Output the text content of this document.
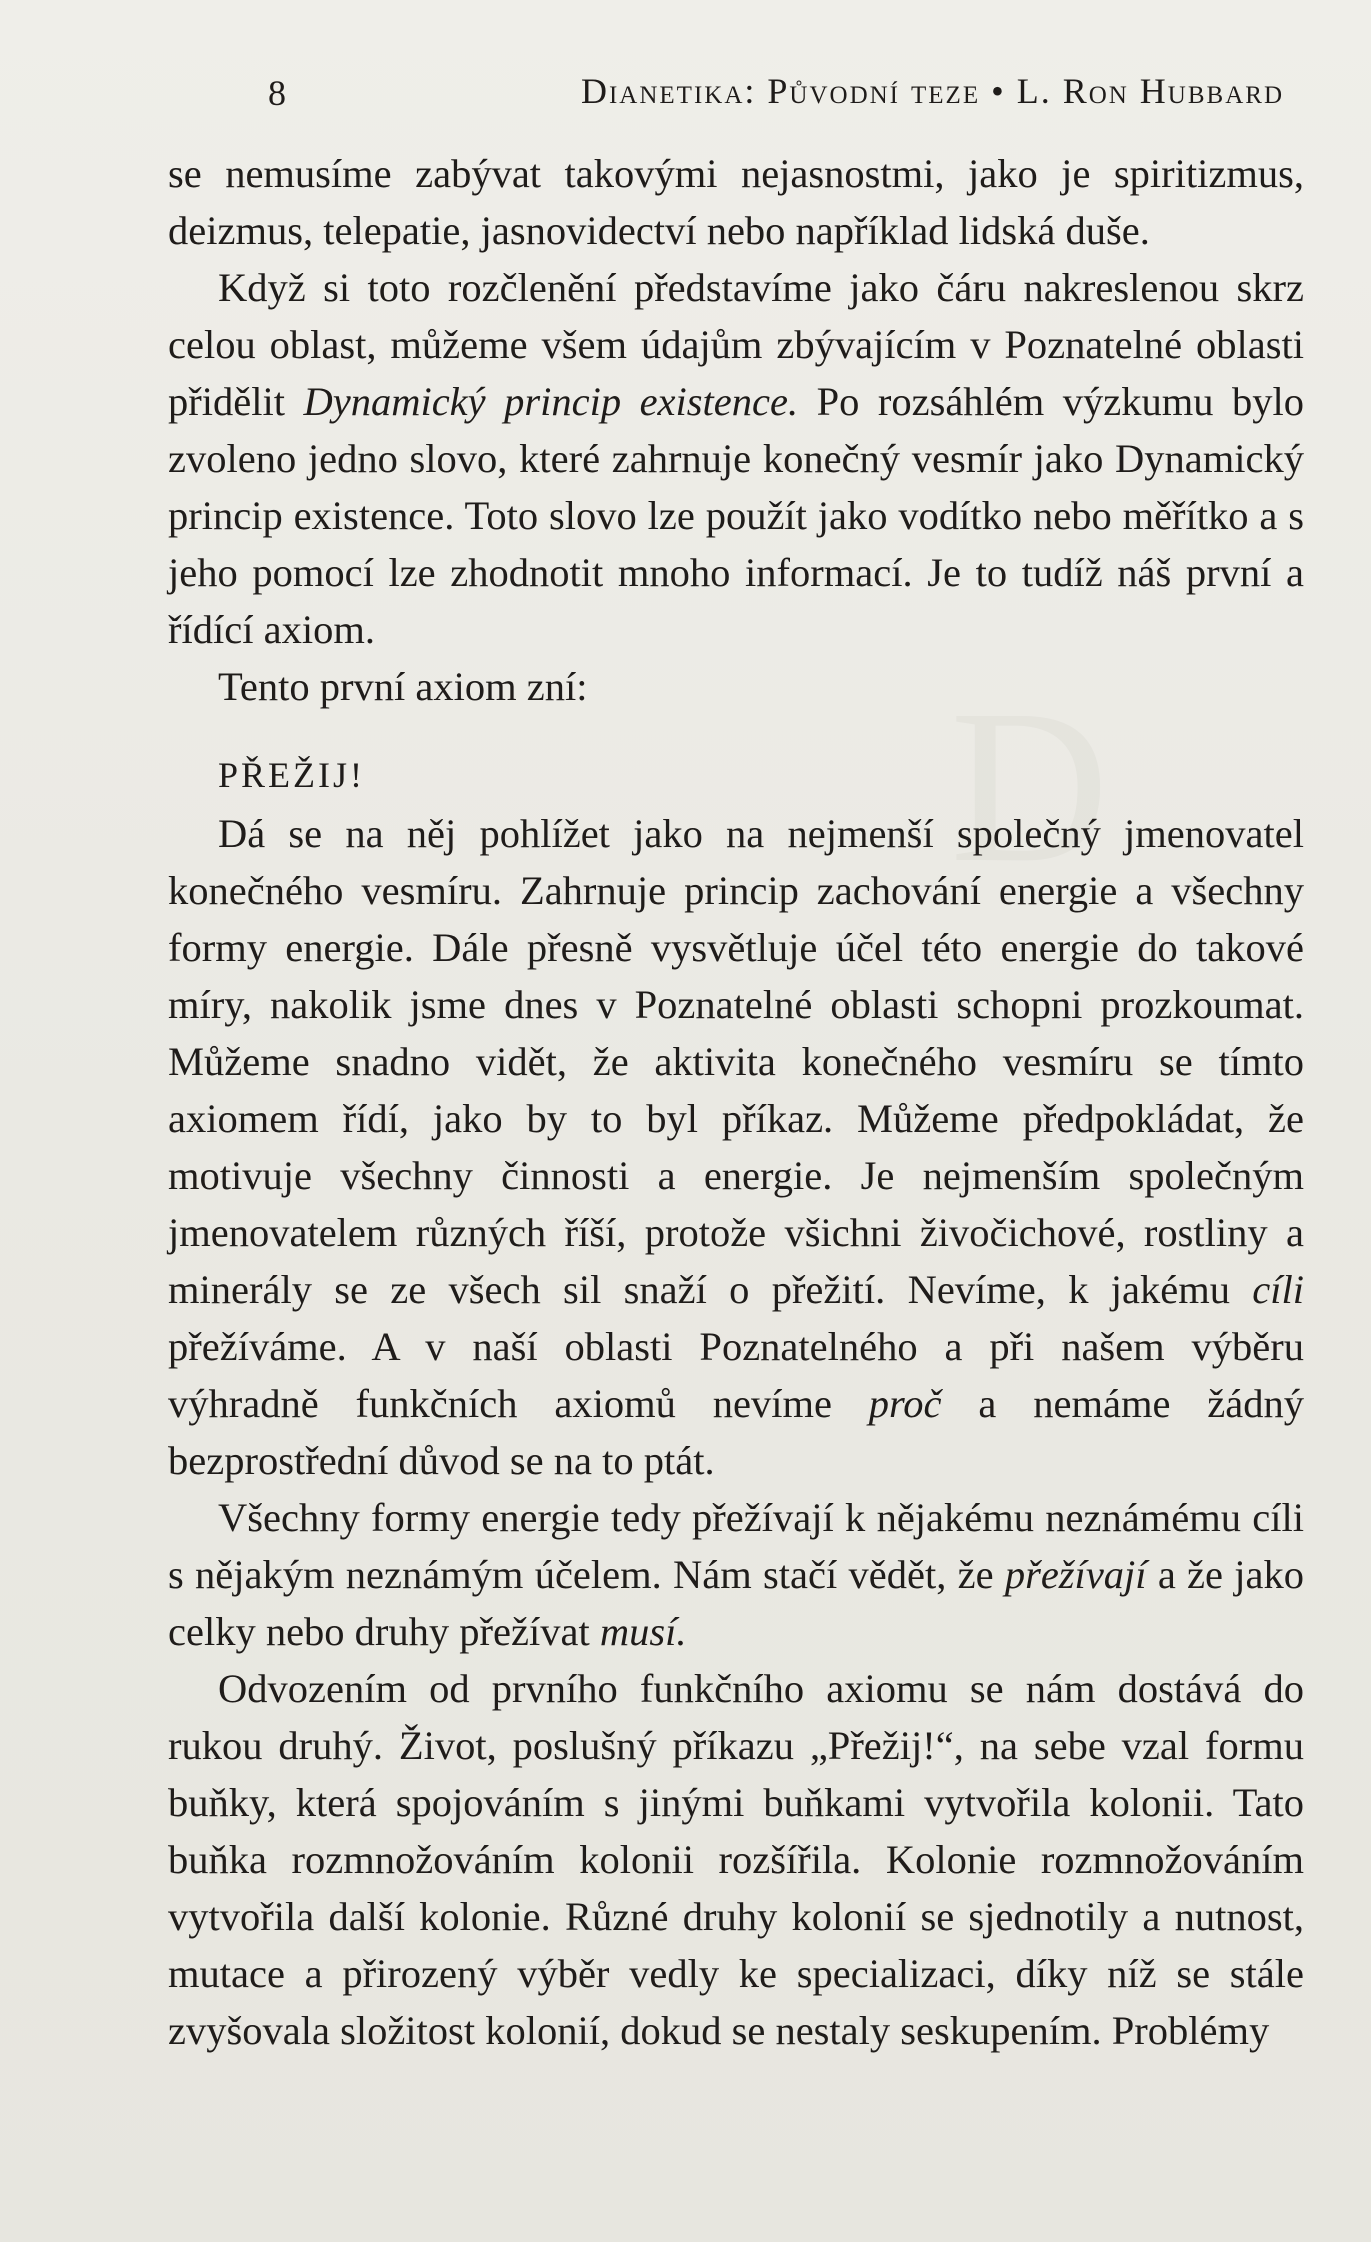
D
8	Dianetika: Původní teze • L. Ron Hubbard

se nemusíme zabývat takovými nejasnostmi, jako je spiritizmus, deizmus, telepatie, jasnovidectví nebo například lidská duše.

Když si toto rozčlenění představíme jako čáru nakreslenou skrz celou oblast, můžeme všem údajům zbývajícím v Poznatelné oblasti přidělit Dynamický princip existence. Po rozsáhlém výzkumu bylo zvoleno jedno slovo, které zahrnuje konečný vesmír jako Dynamický princip existence. Toto slovo lze použít jako vodítko nebo měřítko a s jeho pomocí lze zhodnotit mnoho informací. Je to tudíž náš první a řídící axiom.

Tento první axiom zní:

PŘEŽIJ!

Dá se na něj pohlížet jako na nejmenší společný jmenovatel konečného vesmíru. Zahrnuje princip zachování energie a všechny formy energie. Dále přesně vysvětluje účel této energie do takové míry, nakolik jsme dnes v Poznatelné oblasti schopni prozkoumat. Můžeme snadno vidět, že aktivita konečného vesmíru se tímto axiomem řídí, jako by to byl příkaz. Můžeme předpokládat, že motivuje všechny činnosti a energie. Je nejmenším společným jmenovatelem různých říší, protože všichni živočichové, rostliny a minerály se ze všech sil snaží o přežití. Nevíme, k jakému cíli přežíváme. A v naší oblasti Poznatelného a při našem výběru výhradně funkčních axiomů nevíme proč a nemáme žádný bezprostřední důvod se na to ptát.

Všechny formy energie tedy přežívají k nějakému neznámému cíli s nějakým neznámým účelem. Nám stačí vědět, že přežívají a že jako celky nebo druhy přežívat musí.

Odvozením od prvního funkčního axiomu se nám dostává do rukou druhý. Život, poslušný příkazu „Přežij!“, na sebe vzal formu buňky, která spojováním s jinými buňkami vytvořila kolonii. Tato buňka rozmnožováním kolonii rozšířila. Kolonie rozmnožováním vytvořila další kolonie. Různé druhy kolonií se sjednotily a nutnost, mutace a přirozený výběr vedly ke specializaci, díky níž se stále zvyšovala složitost kolonií, dokud se nestaly seskupením. Problémy
